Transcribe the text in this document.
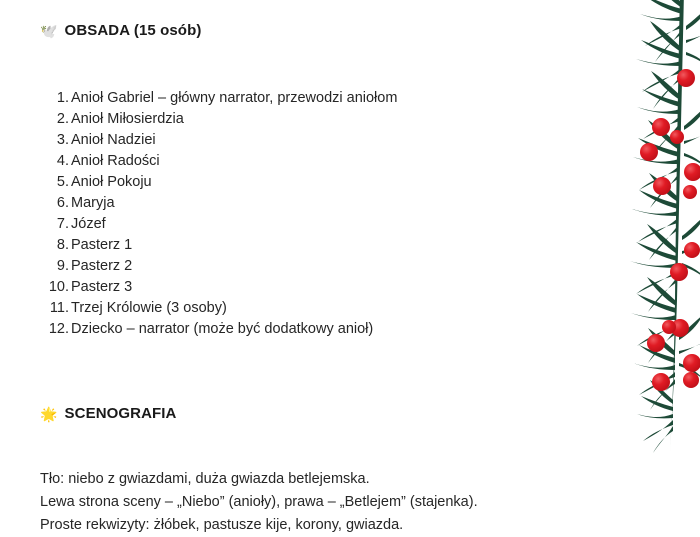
🕊️ OBSADA (15 osób)
1. Anioł Gabriel – główny narrator, przewodzi aniołom
2. Anioł Miłosierdzia
3. Anioł Nadziei
4. Anioł Radości
5. Anioł Pokoju
6. Maryja
7. Józef
8. Pasterz 1
9. Pasterz 2
10. Pasterz 3
11. Trzej Królowie (3 osoby)
12. Dziecko – narrator (może być dodatkowy anioł)
🌟 SCENOGRAFIA
Tło: niebo z gwiazdami, duża gwiazda betlejemska.
Lewa strona sceny – „Niebo” (anioły), prawa – „Betlejem” (stajenka).
Proste rekwizyty: żłóbek, pastusze kije, korony, gwiazda.
